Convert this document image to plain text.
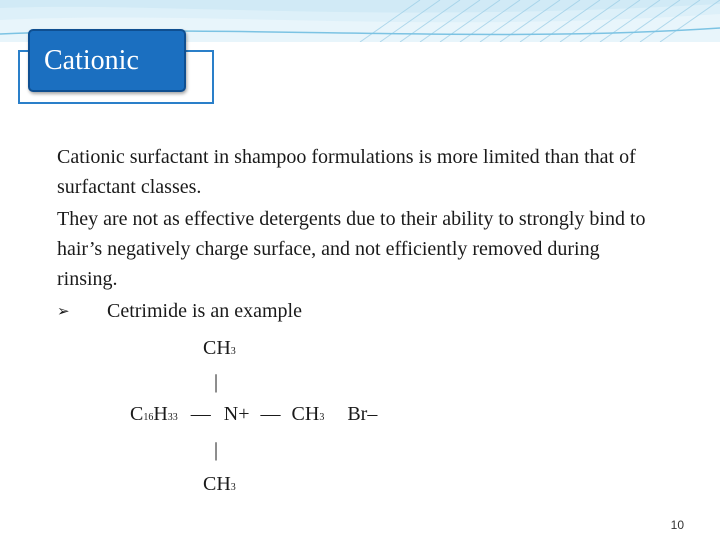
Cationic

Cationic surfactant in shampoo formulations is more limited than that of surfactant classes.

They are not as effective detergents due to their ability to strongly bind to hair’s negatively charge surface, and not efficiently removed during rinsing.

➢ Cetrimide is an example
CH3
|
C16H33 — N+ — CH3 Br–
|
CH3
10
